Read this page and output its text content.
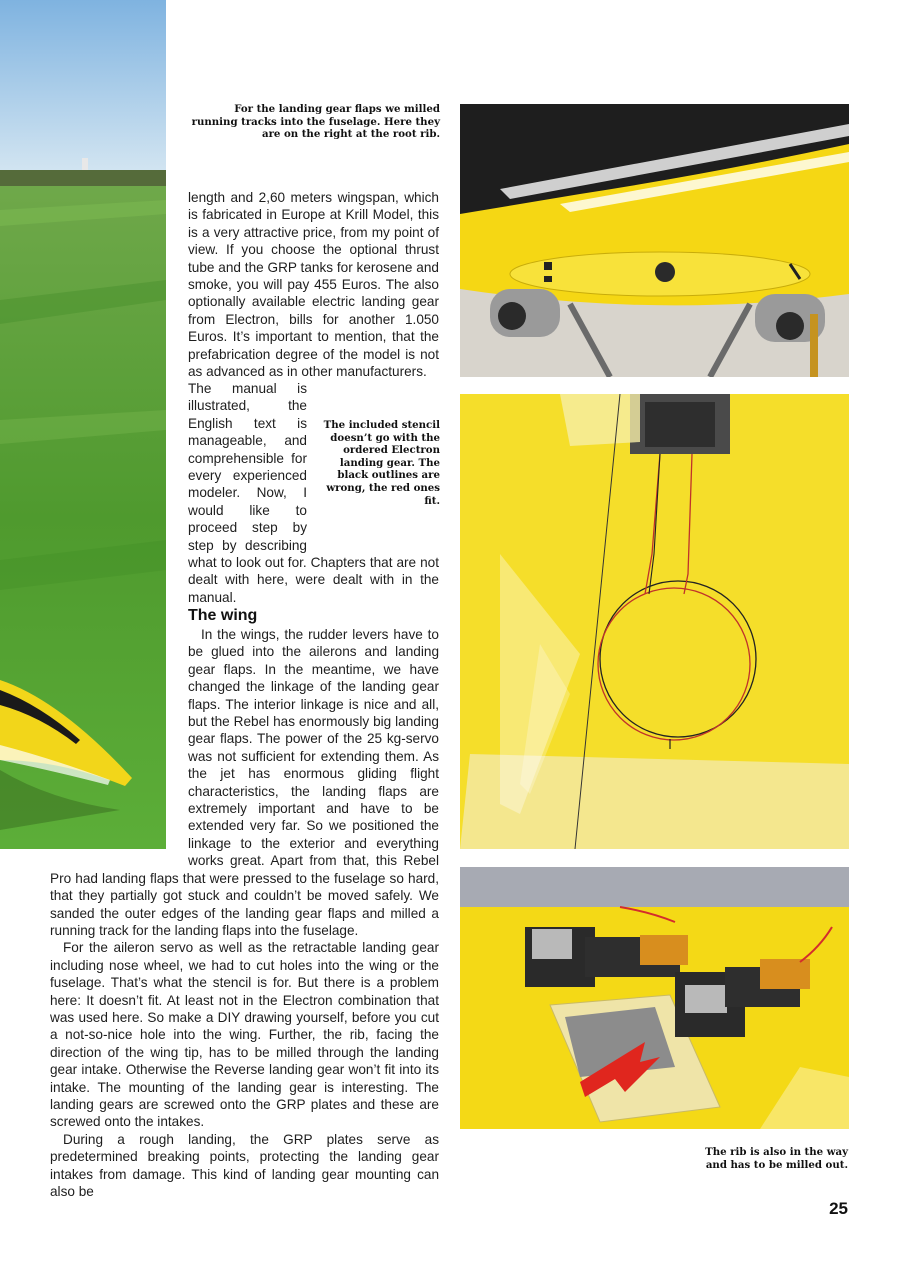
For the landing gear flaps we milled running tracks into the fuselage. Here they are on the right at the root rib.

length and 2,60 meters wingspan, which is fabricated in Europe at Krill Model, this is a very attractive price, from my point of view. If you choose the optional thrust tube and the GRP tanks for kerosene and smoke, you will pay 455 Euros. The also optionally available electric landing gear from Electron, bills for another 1.050 Euros. It’s important to mention, that the prefabrication degree of the model is not as advanced as in other manufacturers.

The manual is illustrated, the English text is manageable, and comprehensible for every experienced modeler. Now, I would like to proceed step by step by describing what to look out for. Chapters that are not dealt with here, were dealt with in the manual.

The included stencil doesn’t go with the ordered Electron landing gear. The black outlines are wrong, the red ones fit.
The wing

In the wings, the rudder levers have to be glued into the ailerons and landing gear flaps. In the meantime, we have changed the linkage of the landing gear flaps. The interior linkage is nice and all, but the Rebel has enormously big landing gear flaps. The power of the 25 kg-servo was not sufficient for extending them. As the jet has enormous gliding flight characteristics, the landing flaps are extremely important and have to be extended very far. So we positioned the linkage to the exterior and everything works great. Apart from that, this Rebel Pro had landing flaps that were pressed to the fuselage so hard, that they partially got stuck and couldn’t be moved safely. We sanded the outer edges of the landing gear flaps and milled a running track for the landing flaps into the fuselage.

For the aileron servo as well as the retractable landing gear including nose wheel, we had to cut holes into the wing or the fuselage. That’s what the stencil is for. But there is a problem here: It doesn’t fit. At least not in the Electron combination that was used here. So make a DIY drawing yourself, before you cut a not-so-nice hole into the wing. Further, the rib, facing the direction of the wing tip, has to be milled through the landing gear intake. Otherwise the Reverse landing gear won’t fit into its intake. The mounting of the landing gear is interesting. The landing gears are screwed onto the GRP plates and these are screwed onto the intakes.

During a rough landing, the GRP plates serve as predetermined breaking points, protecting the landing gear intakes from damage. This kind of landing gear mounting can also be

The rib is also in the way and has to be milled out.
25
